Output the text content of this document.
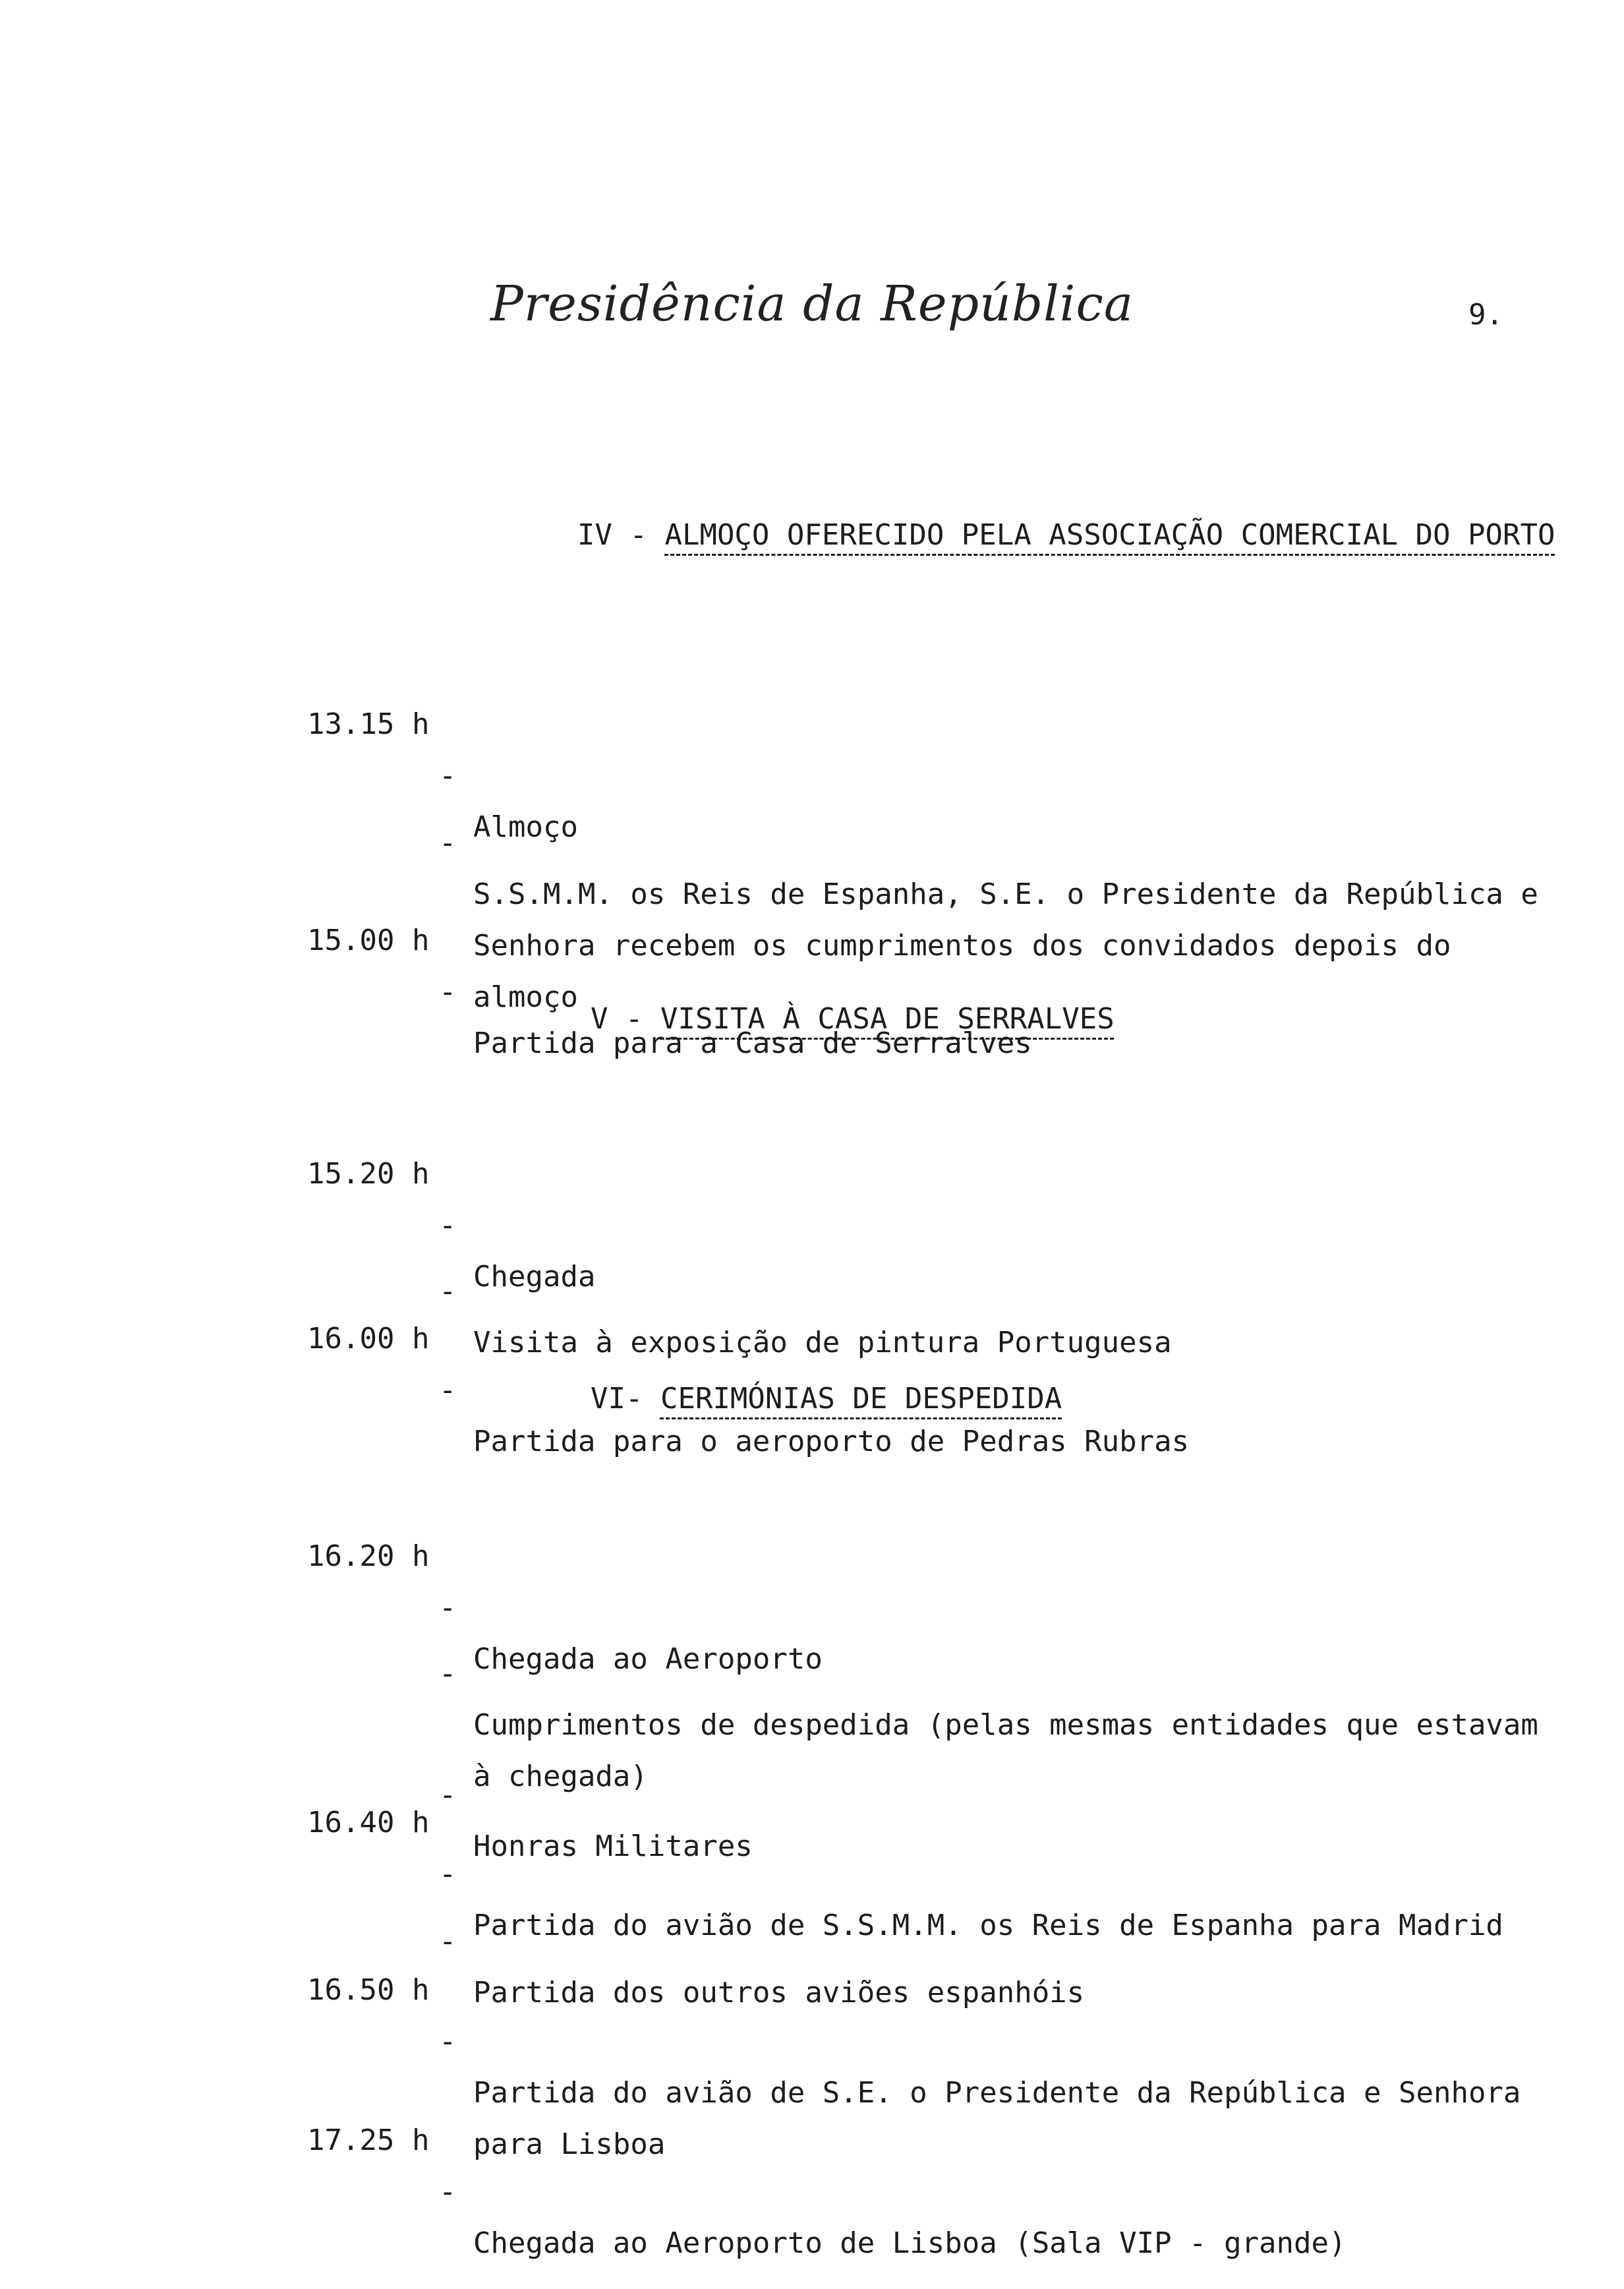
Presidência da República	9.
IV - ALMOÇO OFERECIDO PELA ASSOCIAÇÃO COMERCIAL DO PORTO

13.15 h

-

Almoço

-

S.S.M.M. os Reis de Espanha, S.E. o Presidente da República e Senhora recebem os cumprimentos dos convidados depois do almoço

15.00 h

-

Partida para a Casa de Serralves

V - VISITA À CASA DE SERRALVES

15.20 h

-

Chegada

-

Visita à exposição de pintura Portuguesa

16.00 h

-

Partida para o aeroporto de Pedras Rubras

VI- CERIMÓNIAS DE DESPEDIDA

16.20 h

-

Chegada ao Aeroporto

-

Cumprimentos de despedida (pelas mesmas entidades que estavam à chegada)

-

Honras Militares

16.40 h

-

Partida do avião de S.S.M.M. os Reis de Espanha para Madrid

-

Partida dos outros aviões espanhóis

16.50 h

-

Partida do avião de S.E. o Presidente da República e Senhora para Lisboa

17.25 h

-

Chegada ao Aeroporto de Lisboa (Sala VIP - grande)
